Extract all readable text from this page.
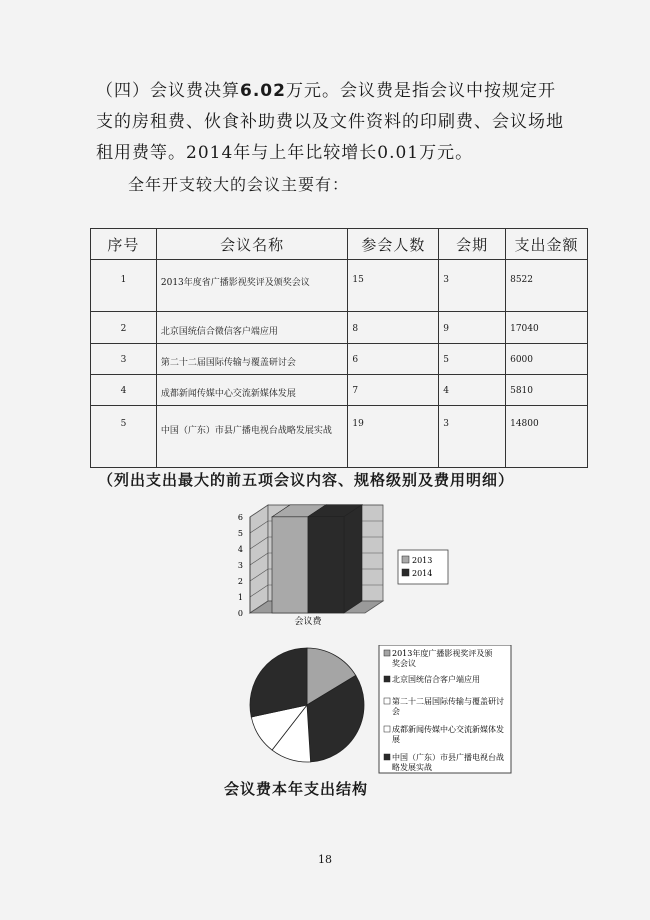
（四）会议费决算6.02万元。会议费是指会议中按规定开支的房租费、伙食补助费以及文件资料的印刷费、会议场地租用费等。2014年与上年比较增长0.01万元。
全年开支较大的会议主要有：
序号	会议名称	参会人数	会期	支出金额
1	2013年度省广播影视奖评及颁奖会议	15	3	8522
2	北京国统信合微信客户端应用	8	9	17040
3	第二十二届国际传输与覆盖研讨会	6	5	6000
4	成都新闻传媒中心交流新媒体发展	7	4	5810
5	中国（广东）市县广播电视台战略发展实战	19	3	14800
（列出支出最大的前五项会议内容、规格级别及费用明细）
0
1
2
3
4
5
6
会议费
2013
2014
2013年度广播影视奖评及颁奖会议
北京国统信合客户端应用
第二十二届国际传输与覆盖研讨会
成都新闻传媒中心交流新媒体发展
中国（广东）市县广播电视台战略发展实战
会议费本年支出结构
18
